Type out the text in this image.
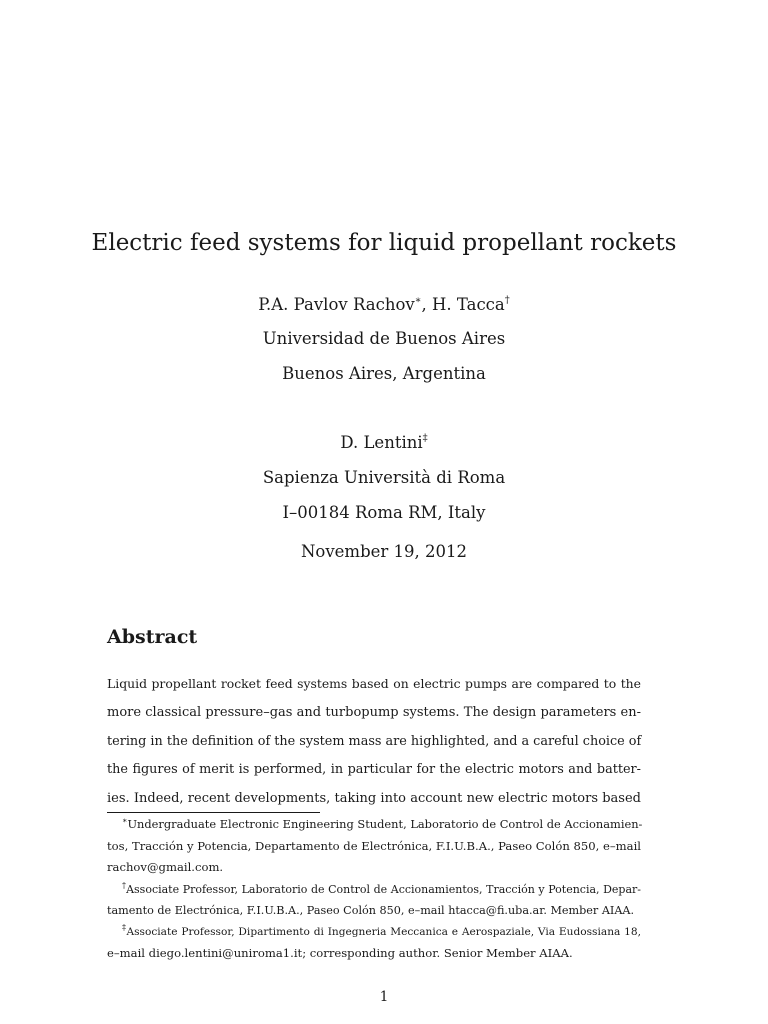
Electric feed systems for liquid propellant rockets
P.A. Pavlov Rachov∗, H. Tacca†
Universidad de Buenos Aires
Buenos Aires, Argentina
D. Lentini‡
Sapienza Università di Roma
I–00184 Roma RM, Italy
November 19, 2012
Abstract
Liquid propellant rocket feed systems based on electric pumps are compared to the
more classical pressure–gas and turbopump systems. The design parameters en-
tering in the definition of the system mass are highlighted, and a careful choice of
the figures of merit is performed, in particular for the electric motors and batter-
ies. Indeed, recent developments, taking into account new electric motors based
∗Undergraduate Electronic Engineering Student, Laboratorio de Control de Accionamien-
tos, Tracción y Potencia, Departamento de Electrónica, F.I.U.B.A., Paseo Colón 850, e–mail
rachov@gmail.com.
†Associate Professor, Laboratorio de Control de Accionamientos, Tracción y Potencia, Depar-
tamento de Electrónica, F.I.U.B.A., Paseo Colón 850, e–mail htacca@fi.uba.ar. Member AIAA.
‡Associate Professor, Dipartimento di Ingegneria Meccanica e Aerospaziale, Via Eudossiana 18,
e–mail diego.lentini@uniroma1.it; corresponding author. Senior Member AIAA.
1
